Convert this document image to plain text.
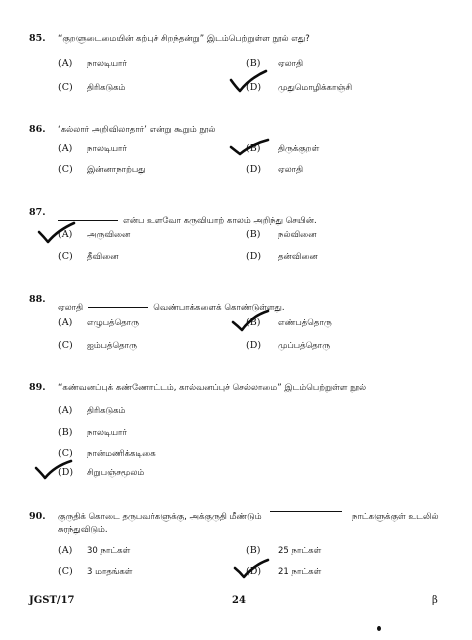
85. “குறளுடைமையின் கற்புச் சிறந்தன்று” இடம்பெற்றுள்ள நூல் எது?
(A) நாலடியார்	(B) ஏலாதி
(C) திரிகடுகம்	(D) முதுமொழிக்காஞ்சி
86. ‘கல்லார் அறிவிலாதார்’ என்று கூறும் நூல்
(A) நாலடியார்	(B) திருக்குறள்
(C) இன்னாநாற்பது	(D) ஏலாதி
87.
என்ப உளவோ கருவியாற் காலம் அறிந்து செயின்.
(A) அருவினை	(B) நல்வினை
(C) தீவினை	(D) தன்வினை
88.
ஏலாதி	வெண்பாக்களைக் கொண்டுள்ளது.
(A) எழுபத்தொரு	(B) எண்பத்தொரு
(C) ஐம்பத்தொரு	(D) முப்பத்தொரு
89. “கண்வனப்புக் கண்ணோட்டம், கால்வனப்புச் செல்லாமை” இடம்பெற்றுள்ள நூல்
(A) திரிகடுகம்
(B) நாலடியார்
(C) நான்மணிக்கடிகை
(D) சிறுபஞ்சமூலம்
90. குருதிக் கொடை தருபவர்களுக்கு, அக்குருதி மீண்டும்	நாட்களுக்குள் உடலில்
சுரந்துவிடும்.
(A) 30 நாட்கள்	(B) 25 நாட்கள்
(C) 3 மாதங்கள்	(D) 21 நாட்கள்
JGST/17	24	β
